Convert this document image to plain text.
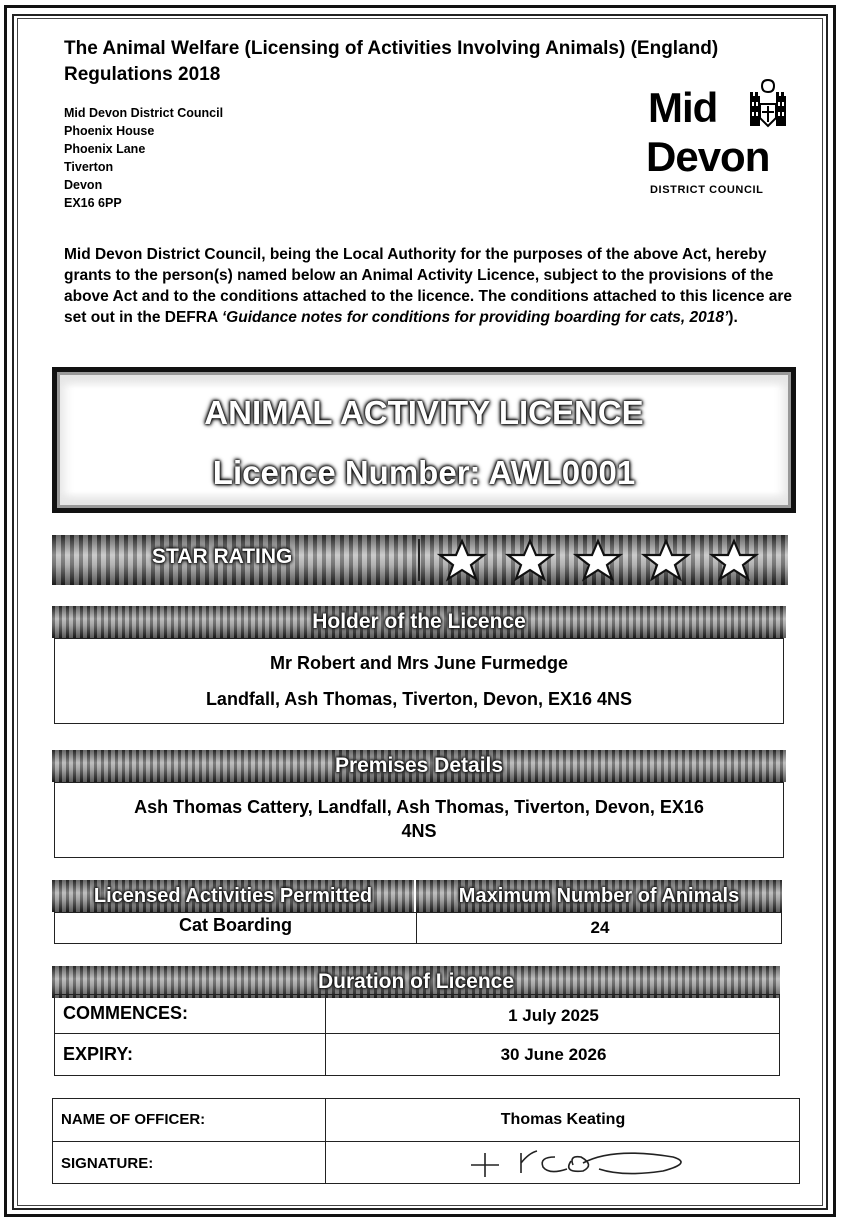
The Animal Welfare (Licensing of Activities Involving Animals) (England) Regulations 2018
Mid Devon District Council
Phoenix House
Phoenix Lane
Tiverton
Devon
EX16 6PP
Mid
Devon
DISTRICT COUNCIL

Mid Devon District Council, being the Local Authority for the purposes of the above Act, hereby grants to the person(s) named below an Animal Activity Licence, subject to the provisions of the above Act and to the conditions attached to the licence. The conditions attached to this licence are set out in the DEFRA ‘Guidance notes for conditions for providing boarding for cats, 2018’).

ANIMAL ACTIVITY LICENCE
Licence Number: AWL0001
STAR RATING
Holder of the Licence
Mr Robert and Mrs June Furmedge
Landfall, Ash Thomas, Tiverton, Devon, EX16 4NS
Premises Details
Ash Thomas Cattery, Landfall, Ash Thomas, Tiverton, Devon, EX16
4NS
Licensed Activities Permitted	Maximum Number of Animals
Cat Boarding	24
Duration of Licence
COMMENCES:	1 July 2025
EXPIRY:	30 June 2026
NAME OF OFFICER:	Thomas Keating
SIGNATURE:
